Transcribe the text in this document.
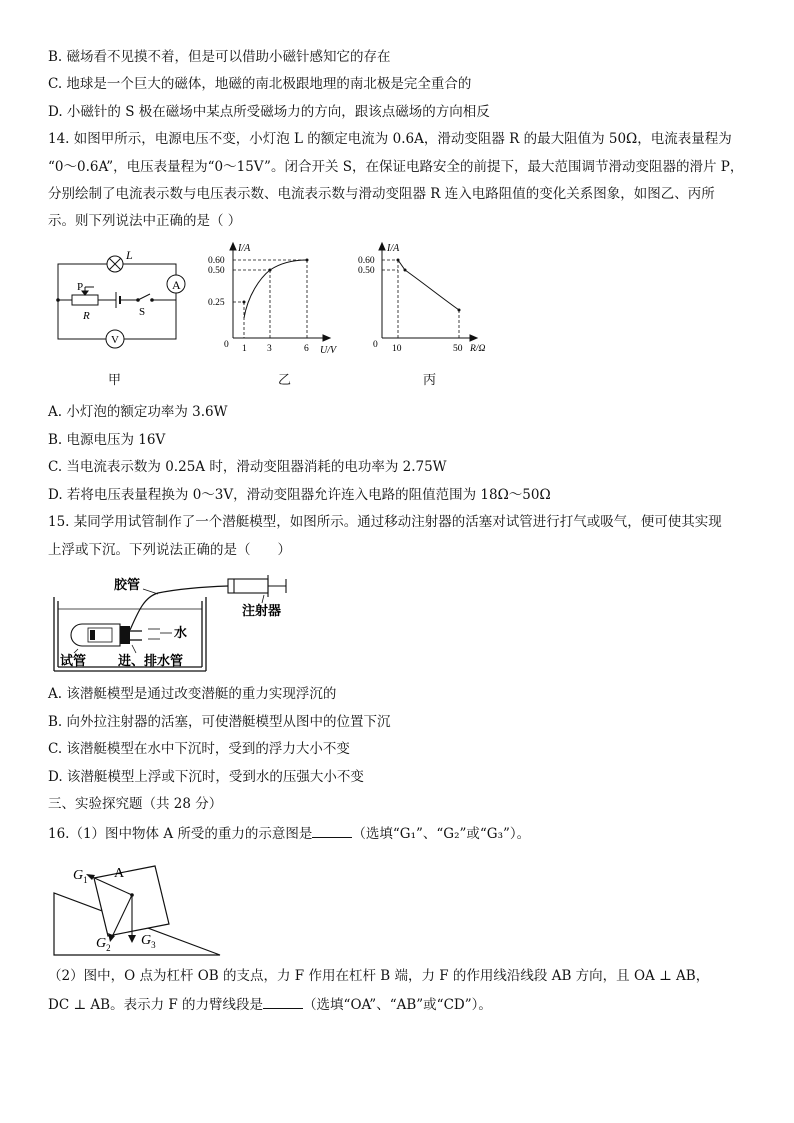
B. 磁场看不见摸不着，但是可以借助小磁针感知它的存在
C. 地球是一个巨大的磁体，地磁的南北极跟地理的南北极是完全重合的
D. 小磁针的 S 极在磁场中某点所受磁场力的方向，跟该点磁场的方向相反
14. 如图甲所示，电源电压不变，小灯泡 L 的额定电流为 0.6A，滑动变阻器 R 的最大阻值为 50Ω，电流表量程为
“0～0.6A”，电压表量程为“0～15V”。闭合开关 S，在保证电路安全的前提下，最大范围调节滑动变阻器的滑片 P，
分别绘制了电流表示数与电压表示数、电流表示数与滑动变阻器 R 连入电路阻值的变化关系图象，如图乙、丙所
示。则下列说法中正确的是（ ）
L
A
V
P
R	S
甲
0.60
0.50
0.25
0 1 3	6
I/A
U/V
乙
0.60
0.50
0 10	50
I/A
R/Ω
丙
A. 小灯泡的额定功率为 3.6W
B. 电源电压为 16V
C. 当电流表示数为 0.25A 时，滑动变阻器消耗的电功率为 2.75W
D. 若将电压表量程换为 0～3V，滑动变阻器允许连入电路的阻值范围为 18Ω～50Ω
15. 某同学用试管制作了一个潜艇模型，如图所示。通过移动注射器的活塞对试管进行打气或吸气，便可使其实现
上浮或下沉。下列说法正确的是（　　）
胶管
注射器
水
试管 进、排水管
A. 该潜艇模型是通过改变潜艇的重力实现浮沉的
B. 向外拉注射器的活塞，可使潜艇模型从图中的位置下沉
C. 该潜艇模型在水中下沉时，受到的浮力大小不变
D. 该潜艇模型上浮或下沉时，受到水的压强大小不变
三、实验探究题（共 28 分）
16.（1）图中物体 A 所受的重力的示意图是	（选填“G₁”、“G₂”或“G₃”）。
A
$G_1$
$G_2$ $G_3$
（2）图中，O 点为杠杆 OB 的支点，力 F 作用在杠杆 B 端，力 F 的作用线沿线段 AB 方向，且 OA ⊥ AB，
DC ⊥ AB。表示力 F 的力臂线段是	（选填“OA”、“AB”或“CD”）。
